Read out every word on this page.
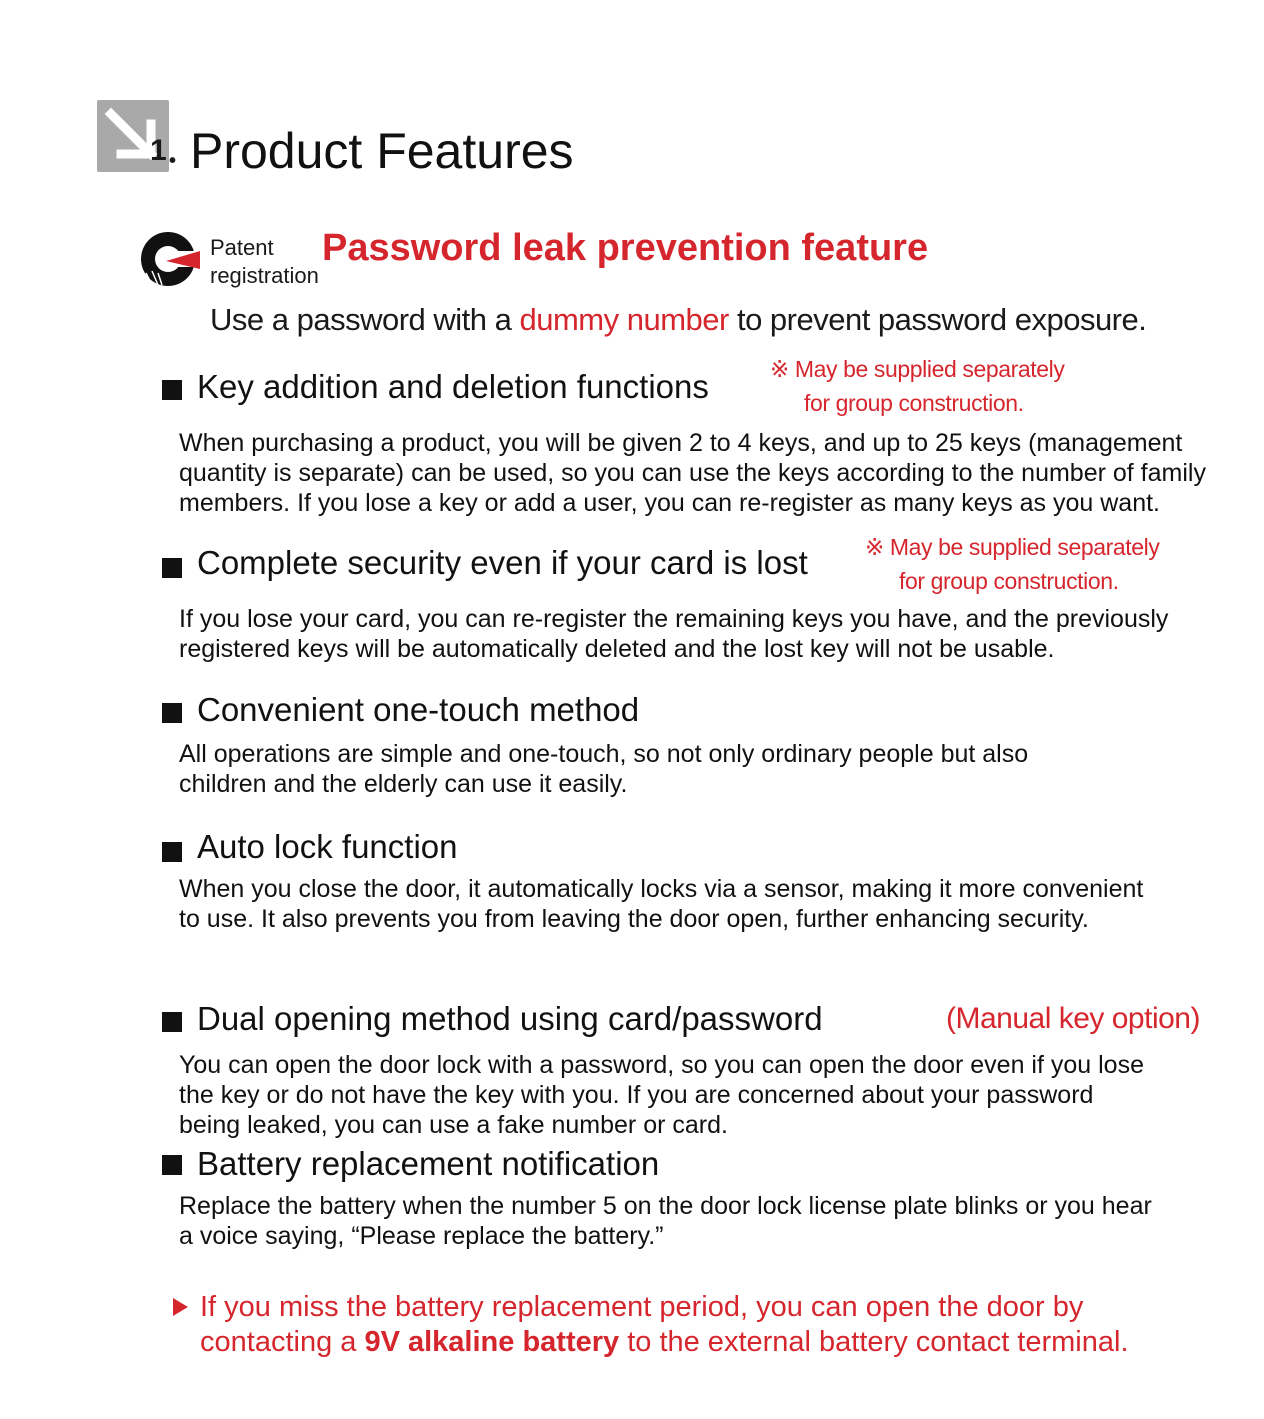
1 • Product Features
Patent
registration
Password leak prevention feature
Use a password with a dummy number to prevent password exposure.
Key addition and deletion functions	※ May be supplied separately
for group construction.
When purchasing a product, you will be given 2 to 4 keys, and up to 25 keys (management
quantity is separate) can be used, so you can use the keys according to the number of family
members. If you lose a key or add a user, you can re-register as many keys as you want.
Complete security even if your card is lost ※ May be supplied separately
for group construction.
If you lose your card, you can re-register the remaining keys you have, and the previously
registered keys will be automatically deleted and the lost key will not be usable.
Convenient one-touch method
All operations are simple and one-touch, so not only ordinary people but also
children and the elderly can use it easily.
Auto lock function
When you close the door, it automatically locks via a sensor, making it more convenient
to use. It also prevents you from leaving the door open, further enhancing security.
Dual opening method using card/password	(Manual key option)
You can open the door lock with a password, so you can open the door even if you lose
the key or do not have the key with you. If you are concerned about your password
being leaked, you can use a fake number or card.
Battery replacement notification
Replace the battery when the number 5 on the door lock license plate blinks or you hear
a voice saying, “Please replace the battery.”
If you miss the battery replacement period, you can open the door by
contacting a 9V alkaline battery to the external battery contact terminal.
